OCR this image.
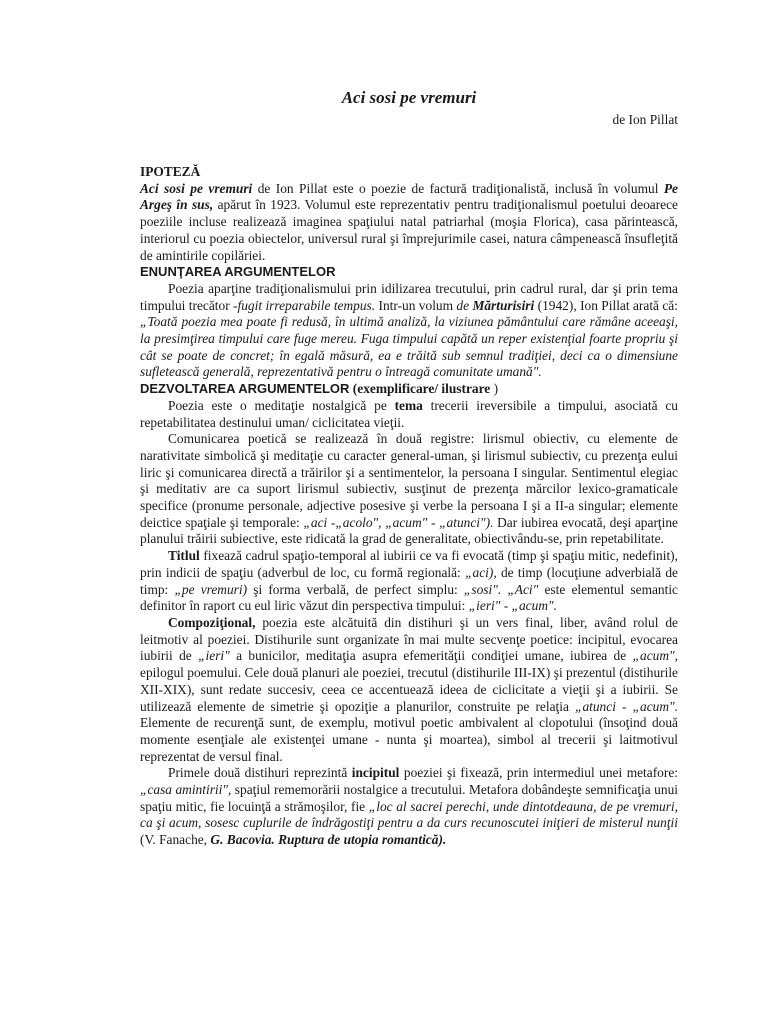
Aci sosi pe vremuri
de Ion Pillat
IPOTEZĂ

Aci sosi pe vremuri de Ion Pillat este o poezie de factură tradiţionalistă, inclusă în volumul Pe Argeş în sus, apărut în 1923. Volumul este reprezentativ pentru tradiţionalismul poetului deoarece poeziile incluse realizează imaginea spaţiului natal patriarhal (moşia Florica), casa părintească, interiorul cu poezia obiectelor, universul rural şi împrejurimile casei, natura câmpenească însufleţită de amintirile copilăriei.

ENUNŢAREA ARGUMENTELOR

Poezia aparţine tradiţionalismului prin idilizarea trecutului, prin cadrul rural, dar şi prin tema timpului trecător -fugit irreparabile tempus. Intr-un volum de Mărturisiri (1942), Ion Pillat arată că: „Toată poezia mea poate fi redusă, în ultimă analiză, la viziunea pământului care rămâne aceeaşi, la presimţirea timpului care fuge mereu. Fuga timpului capătă un reper existenţial foarte propriu şi cât se poate de concret; în egală măsură, ea e trăită sub semnul tradiţiei, deci ca o dimensiune sufletească generală, reprezentativă pentru o întreagă comunitate umană".

DEZVOLTAREA ARGUMENTELOR (exemplificare/ ilustrare )

Poezia este o meditaţie nostalgică pe tema trecerii ireversibile a timpului, asociată cu repetabilitatea destinului uman/ ciclicitatea vieţii.

Comunicarea poetică se realizează în două registre: lirismul obiectiv, cu elemente de narativitate simbolică şi meditaţie cu caracter general-uman, şi lirismul subiectiv, cu prezenţa eului liric şi comunicarea directă a trăirilor şi a sentimentelor, la persoana I singular. Sentimentul elegiac şi meditativ are ca suport lirismul subiectiv, susţinut de prezenţa mărcilor lexico-gramaticale specifice (pronume personale, adjective posesive şi verbe la persoana I şi a II-a singular; elemente deictice spaţiale şi temporale: „aci -„acolo", „acum" - „atunci"). Dar iubirea evocată, deşi aparţine planului trăirii subiective, este ridicată la grad de generalitate, obiectivându-se, prin repetabilitate.

Titlul fixează cadrul spaţio-temporal al iubirii ce va fi evocată (timp şi spaţiu mitic, nedefinit), prin indicii de spaţiu (adverbul de loc, cu formă regională: „aci), de timp (locuţiune adverbială de timp: „pe vremuri) şi forma verbală, de perfect simplu: „sosi". „Aci" este elementul semantic definitor în raport cu eul liric văzut din perspectiva timpului: „ieri" - „acum".

Compoziţional, poezia este alcătuită din distihuri şi un vers final, liber, având rolul de leitmotiv al poeziei. Distihurile sunt organizate în mai multe secvenţe poetice: incipitul, evocarea iubirii de „ieri" a bunicilor, meditaţia asupra efemerităţii condiţiei umane, iubirea de „acum", epilogul poemului. Cele două planuri ale poeziei, trecutul (distihurile III-IX) şi prezentul (distihurile XII-XIX), sunt redate succesiv, ceea ce accentuează ideea de ciclicitate a vieţii şi a iubirii. Se utilizează elemente de simetrie şi opoziţie a planurilor, construite pe relaţia „atunci - „acum". Elemente de recurenţă sunt, de exemplu, motivul poetic ambivalent al clopotului (însoţind două momente esenţiale ale existenţei umane - nunta şi moartea), simbol al trecerii şi laitmotivul reprezentat de versul final.

Primele două distihuri reprezintă incipitul poeziei şi fixează, prin intermediul unei metafore: „casa amintirii", spaţiul rememorării nostalgice a trecutului. Metafora dobândeşte semnificaţia unui spaţiu mitic, fie locuinţă a strămoşilor, fie „loc al sacrei perechi, unde dintotdeauna, de pe vremuri, ca şi acum, sosesc cuplurile de îndrăgostiţi pentru a da curs recunoscutei iniţieri de misterul nunţii (V. Fanache, G. Bacovia. Ruptura de utopia romantică).
